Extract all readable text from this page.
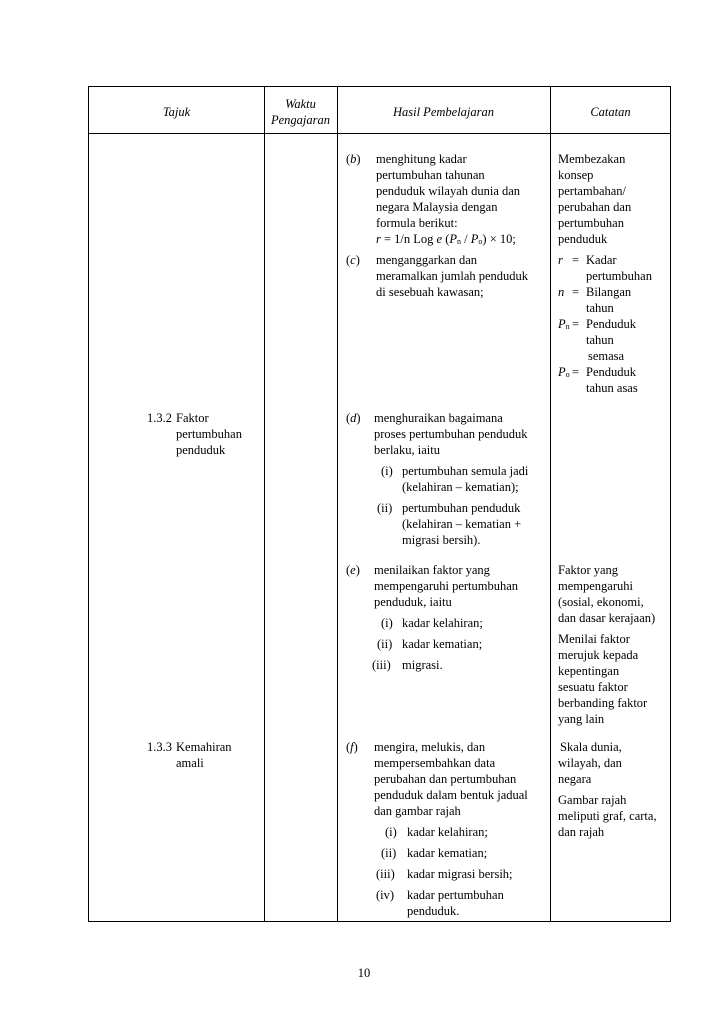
Tajuk
Waktu
Pengajaran
Hasil Pembelajaran	Catatan
1.3.2 Faktor
pertumbuhan
penduduk
1.3.3 Kemahiran
amali
(b) menghitung kadar
pertumbuhan tahunan
penduduk wilayah dunia dan
negara Malaysia dengan
formula berikut:
r = 1/n Log e (Pn / Po) × 10;
(c) menganggarkan dan
meramalkan jumlah penduduk
di sesebuah kawasan;
(d) menghuraikan bagaimana
proses pertumbuhan penduduk
berlaku, iaitu
(i) pertumbuhan semula jadi
(kelahiran – kematian);
(ii) pertumbuhan penduduk
(kelahiran – kematian +
migrasi bersih).
(e) menilaikan faktor yang
mempengaruhi pertumbuhan
penduduk, iaitu
(i) kadar kelahiran;
(ii) kadar kematian;
(iii) migrasi.
(f) mengira, melukis, dan
mempersembahkan data
perubahan dan pertumbuhan
penduduk dalam bentuk jadual
dan gambar rajah
(i) kadar kelahiran;
(ii) kadar kematian;
(iii) kadar migrasi bersih;
(iv) kadar pertumbuhan
penduduk.
Membezakan
konsep
pertambahan/
perubahan dan
pertumbuhan
penduduk
r = Kadar
pertumbuhan
n = Bilangan
tahun
Pn = Penduduk
tahun
semasa
Po = Penduduk
tahun asas
Faktor yang
mempengaruhi
(sosial, ekonomi,
dan dasar kerajaan)
Menilai faktor
merujuk kepada
kepentingan
sesuatu faktor
berbanding faktor
yang lain
Skala dunia,
wilayah, dan
negara
Gambar rajah
meliputi graf, carta,
dan rajah
10
